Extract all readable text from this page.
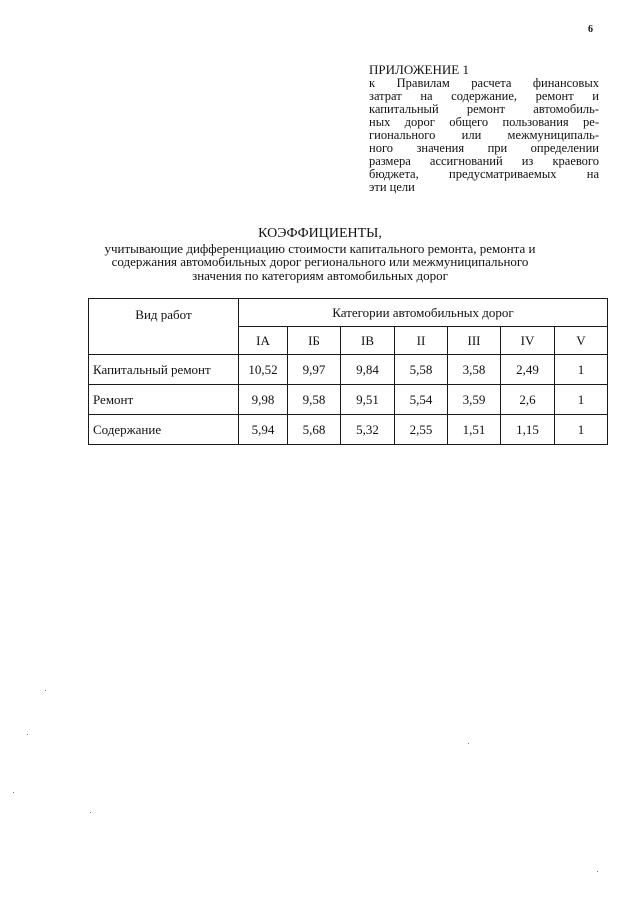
6
ПРИЛОЖЕНИЕ 1
к Правилам расчета финансовых
затрат на содержание, ремонт и
капитальный ремонт автомобиль-
ных дорог общего пользования ре-
гионального или межмуниципаль-
ного значения при определении
размера ассигнований из краевого
бюджета, предусматриваемых на
эти цели
КОЭФФИЦИЕНТЫ,
учитывающие дифференциацию стоимости капитального ремонта, ремонта и
содержания автомобильных дорог регионального или межмуниципального
значения по категориям автомобильных дорог
Вид работ	Категории автомобильных дорог						
	IA	IБ	IB	II	III	IV	V
Капитальный ремонт	10,52	9,97	9,84	5,58	3,58	2,49	1
Ремонт	9,98	9,58	9,51	5,54	3,59	2,6	1
Содержание	5,94	5,68	5,32	2,55	1,51	1,15	1
